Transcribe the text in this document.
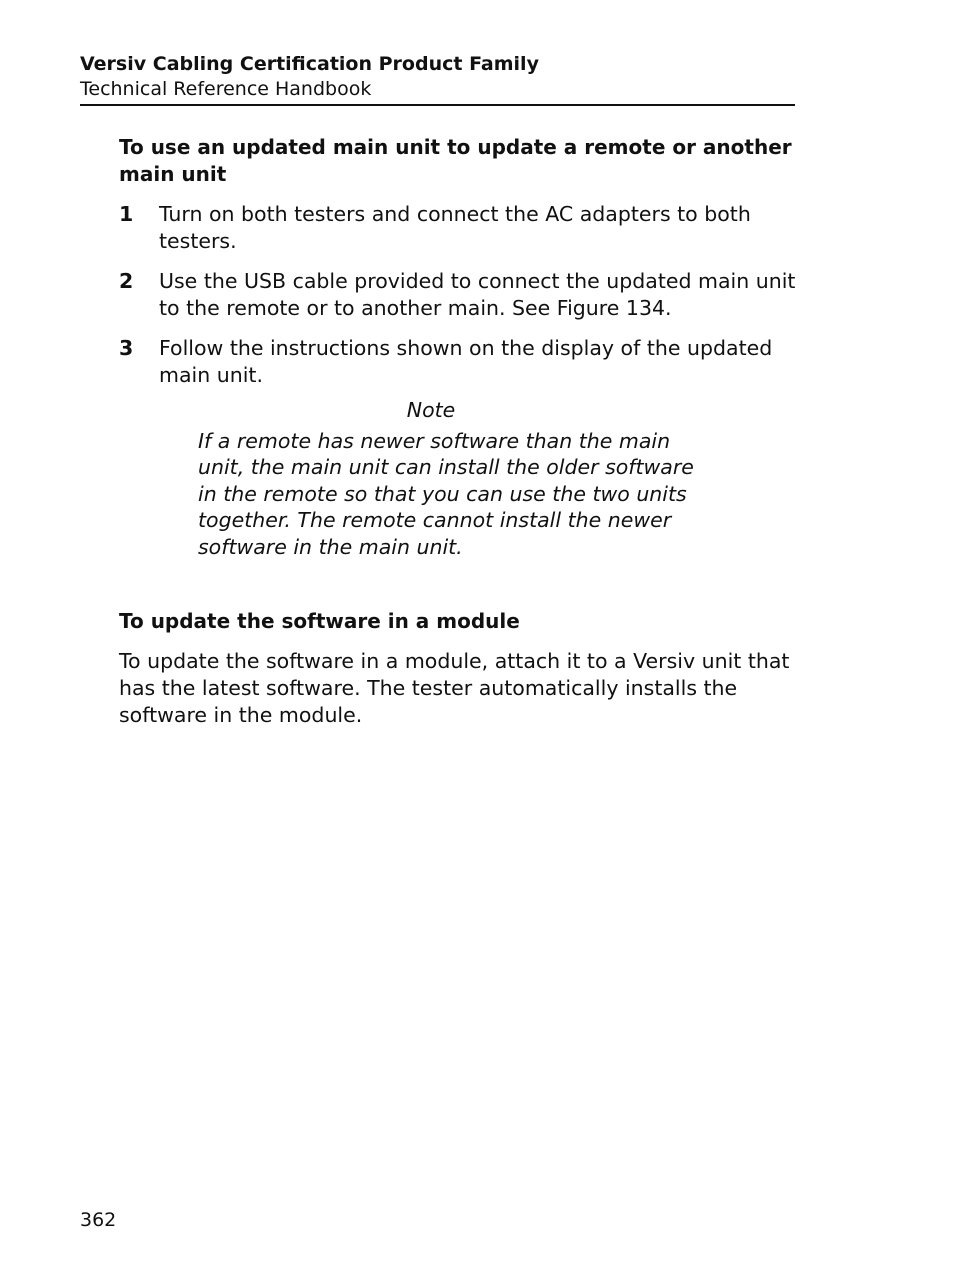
Versiv Cabling Certification Product Family
Technical Reference Handbook
To use an updated main unit to update a remote or another main unit
1	Turn on both testers and connect the AC adapters to both testers.
2	Use the USB cable provided to connect the updated main unit to the remote or to another main. See Figure 134.
3	Follow the instructions shown on the display of the updated main unit.
Note
If a remote has newer software than the main unit, the main unit can install the older software in the remote so that you can use the two units together. The remote cannot install the newer software in the main unit.
To update the software in a module

To update the software in a module, attach it to a Versiv unit that has the latest software. The tester automatically installs the software in the module.

362
